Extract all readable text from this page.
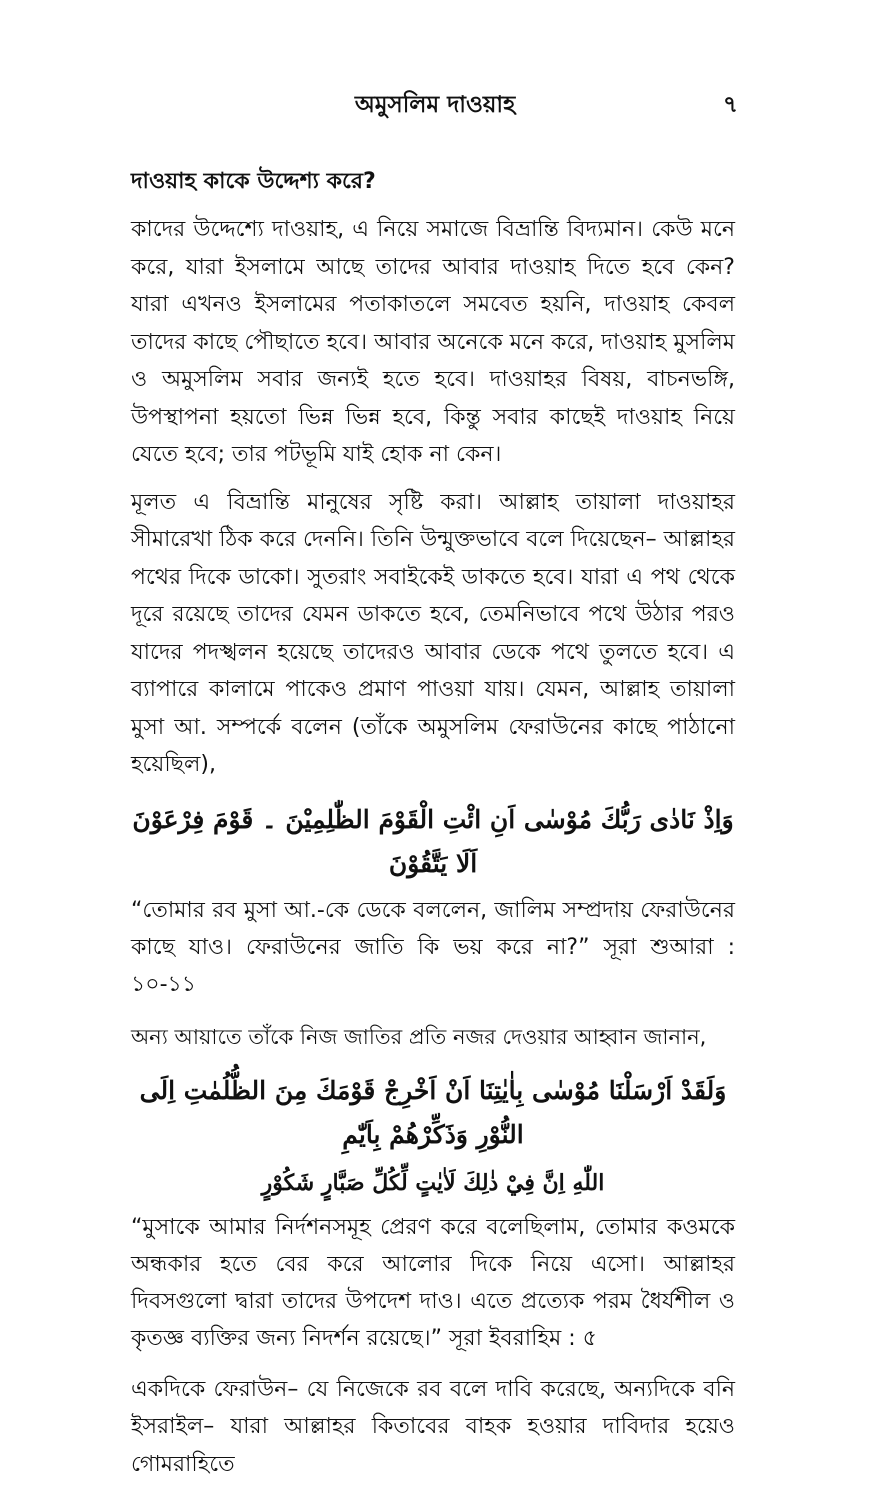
অমুসলিম দাওয়াহ	৭
দাওয়াহ কাকে উদ্দেশ্য করে?

কাদের উদ্দেশ্যে দাওয়াহ, এ নিয়ে সমাজে বিভ্রান্তি বিদ্যমান। কেউ মনে করে, যারা ইসলামে আছে তাদের আবার দাওয়াহ দিতে হবে কেন? যারা এখনও ইসলামের পতাকাতলে সমবেত হয়নি, দাওয়াহ কেবল তাদের কাছে পৌছাতে হবে। আবার অনেকে মনে করে, দাওয়াহ মুসলিম ও অমুসলিম সবার জন্যই হতে হবে। দাওয়াহর বিষয়, বাচনভঙ্গি, উপস্থাপনা হয়তো ভিন্ন ভিন্ন হবে, কিন্তু সবার কাছেই দাওয়াহ নিয়ে যেতে হবে; তার পটভূমি যাই হোক না কেন।

মূলত এ বিভ্রান্তি মানুষের সৃষ্টি করা। আল্লাহ তায়ালা দাওয়াহর সীমারেখা ঠিক করে দেননি। তিনি উন্মুক্তভাবে বলে দিয়েছেন– আল্লাহর পথের দিকে ডাকো। সুতরাং সবাইকেই ডাকতে হবে। যারা এ পথ থেকে দূরে রয়েছে তাদের যেমন ডাকতে হবে, তেমনিভাবে পথে উঠার পরও যাদের পদস্খলন হয়েছে তাদেরও আবার ডেকে পথে তুলতে হবে। এ ব্যাপারে কালামে পাকেও প্রমাণ পাওয়া যায়। যেমন, আল্লাহ তায়ালা মুসা আ. সম্পর্কে বলেন (তাঁকে অমুসলিম ফেরাউনের কাছে পাঠানো হয়েছিল),

وَاِذْ نَادٰى رَبُّكَ مُوْسٰى اَنِ ائْتِ الْقَوْمَ الظّٰلِمِيْنَ ۔ قَوْمَ فِرْعَوْنَ اَلَا يَتَّقُوْنَ

“তোমার রব মুসা আ.-কে ডেকে বললেন, জালিম সম্প্রদায় ফেরাউনের কাছে যাও। ফেরাউনের জাতি কি ভয় করে না?” সূরা শুআরা : ১০-১১

অন্য আয়াতে তাঁকে নিজ জাতির প্রতি নজর দেওয়ার আহ্বান জানান,

وَلَقَدْ اَرْسَلْنَا مُوْسٰى بِاٰيٰتِنَا اَنْ اَخْرِجْ قَوْمَكَ مِنَ الظُّلُمٰتِ اِلَى النُّوْرِ وَذَكِّرْهُمْ بِاَيّٰمِ
اللّٰهِ اِنَّ فِيْ ذٰلِكَ لَاٰيٰتٍ لِّكُلِّ صَبَّارٍ شَكُوْرٍ

“মুসাকে আমার নির্দশনসমূহ প্রেরণ করে বলেছিলাম, তোমার কওমকে অন্ধকার হতে বের করে আলোর দিকে নিয়ে এসো। আল্লাহর দিবসগুলো দ্বারা তাদের উপদেশ দাও। এতে প্রত্যেক পরম ধৈর্যশীল ও কৃতজ্ঞ ব্যক্তির জন্য নিদর্শন রয়েছে।” সূরা ইবরাহিম : ৫

একদিকে ফেরাউন– যে নিজেকে রব বলে দাবি করেছে, অন্যদিকে বনি ইসরাইল– যারা আল্লাহর কিতাবের বাহক হওয়ার দাবিদার হয়েও গোমরাহিতে
